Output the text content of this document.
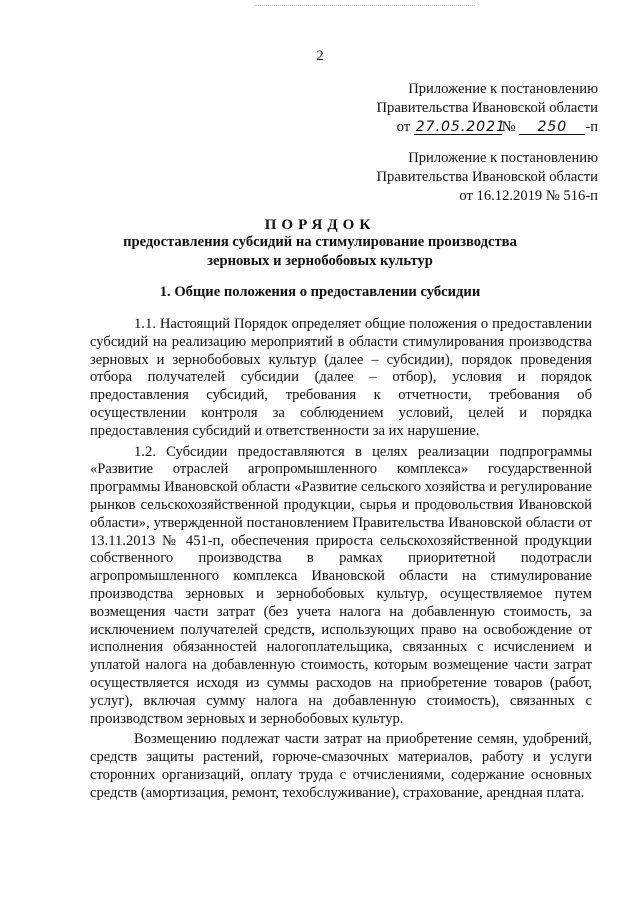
2
Приложение к постановлению
Правительства Ивановской области
от 27.05.2021№ 250 -п
Приложение к постановлению
Правительства Ивановской области
от 16.12.2019 № 516-п
ПОРЯДОК
предоставления субсидий на стимулирование производства зерновых и зернобобовых культур
1. Общие положения о предоставлении субсидии

1.1. Настоящий Порядок определяет общие положения о предоставлении субсидий на реализацию мероприятий в области стимулирования производства зерновых и зернобобовых культур (далее – субсидии), порядок проведения отбора получателей субсидии (далее – отбор), условия и порядок предоставления субсидий, требования к отчетности, требования об осуществлении контроля за соблюдением условий, целей и порядка предоставления субсидий и ответственности за их нарушение.

1.2. Субсидии предоставляются в целях реализации подпрограммы «Развитие отраслей агропромышленного комплекса» государственной программы Ивановской области «Развитие сельского хозяйства и регулирование рынков сельскохозяйственной продукции, сырья и продовольствия Ивановской области», утвержденной постановлением Правительства Ивановской области от 13.11.2013 № 451-п, обеспечения прироста сельскохозяйственной продукции собственного производства в рамках приоритетной подотрасли агропромышленного комплекса Ивановской области на стимулирование производства зерновых и зернобобовых культур, осуществляемое путем возмещения части затрат (без учета налога на добавленную стоимость, за исключением получателей средств, использующих право на освобождение от исполнения обязанностей налогоплательщика, связанных с исчислением и уплатой налога на добавленную стоимость, которым возмещение части затрат осуществляется исходя из суммы расходов на приобретение товаров (работ, услуг), включая сумму налога на добавленную стоимость), связанных с производством зерновых и зернобобовых культур.

Возмещению подлежат части затрат на приобретение семян, удобрений, средств защиты растений, горюче-смазочных материалов, работу и услуги сторонних организаций, оплату труда с отчислениями, содержание основных средств (амортизация, ремонт, техобслуживание), страхование, арендная плата.
